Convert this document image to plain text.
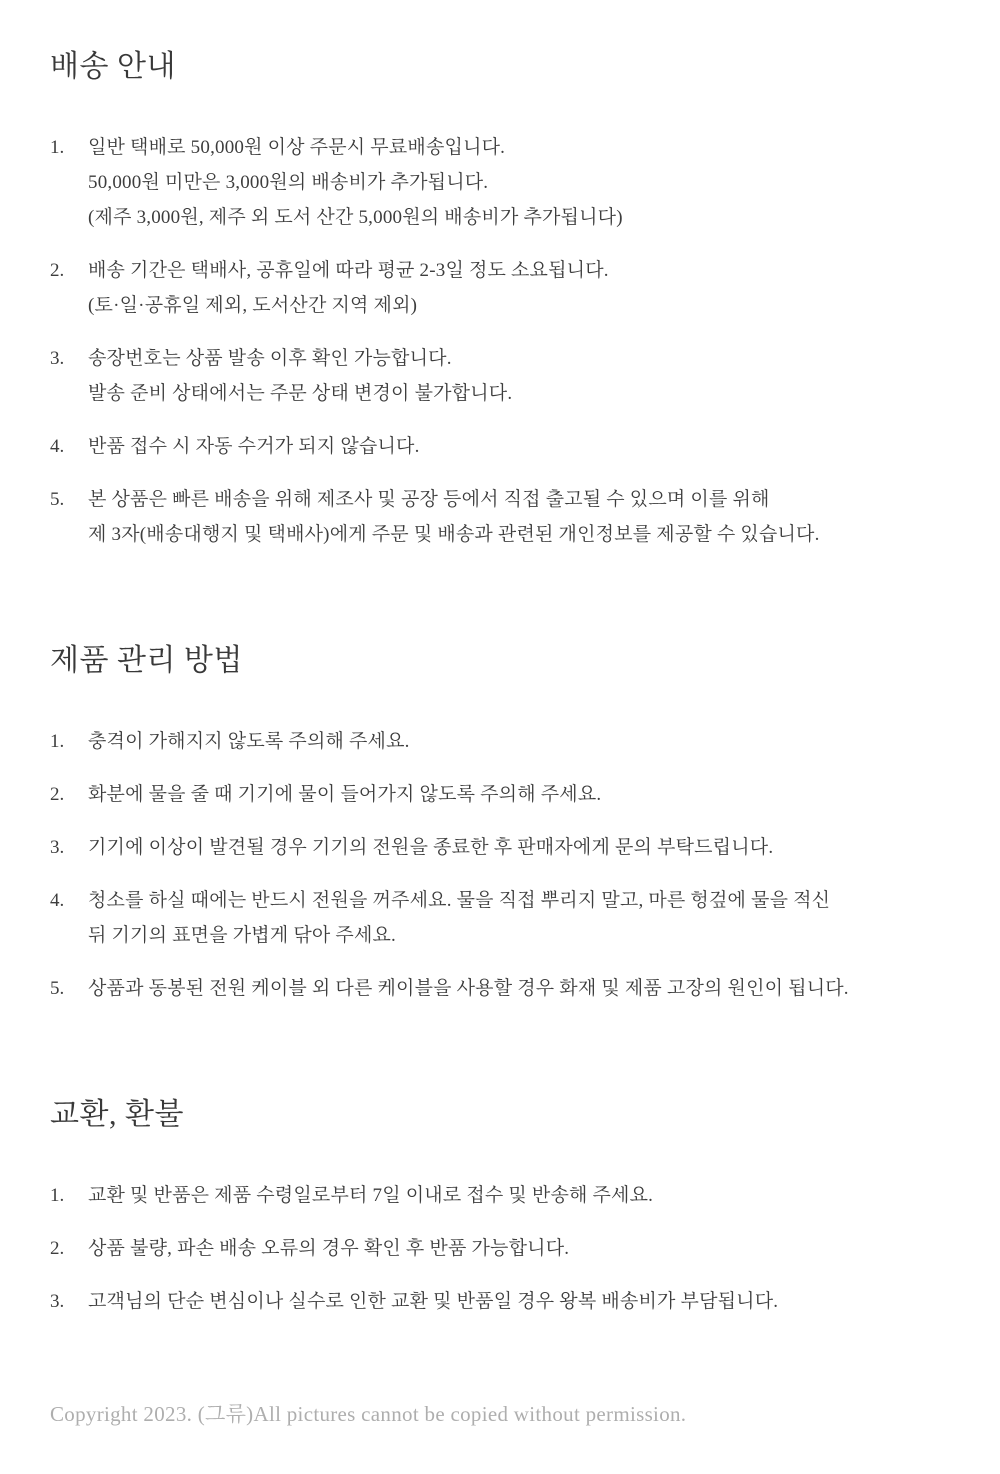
배송 안내
1.	일반 택배로 50,000원 이상 주문시 무료배송입니다.
50,000원 미만은 3,000원의 배송비가 추가됩니다.
(제주 3,000원, 제주 외 도서 산간 5,000원의 배송비가 추가됩니다)
2.	배송 기간은 택배사, 공휴일에 따라 평균 2-3일 정도 소요됩니다.
(토·일·공휴일 제외, 도서산간 지역 제외)
3.	송장번호는 상품 발송 이후 확인 가능합니다.
발송 준비 상태에서는 주문 상태 변경이 불가합니다.
4.	반품 접수 시 자동 수거가 되지 않습니다.
5.	본 상품은 빠른 배송을 위해 제조사 및 공장 등에서 직접 출고될 수 있으며 이를 위해
제 3자(배송대행지 및 택배사)에게 주문 및 배송과 관련된 개인정보를 제공할 수 있습니다.
제품 관리 방법
1.	충격이 가해지지 않도록 주의해 주세요.
2.	화분에 물을 줄 때 기기에 물이 들어가지 않도록 주의해 주세요.
3.	기기에 이상이 발견될 경우 기기의 전원을 종료한 후 판매자에게 문의 부탁드립니다.
4.	청소를 하실 때에는 반드시 전원을 꺼주세요. 물을 직접 뿌리지 말고, 마른 헝겊에 물을 적신
뒤 기기의 표면을 가볍게 닦아 주세요.
5.	상품과 동봉된 전원 케이블 외 다른 케이블을 사용할 경우 화재 및 제품 고장의 원인이 됩니다.
교환, 환불
1.	교환 및 반품은 제품 수령일로부터 7일 이내로 접수 및 반송해 주세요.
2.	상품 불량, 파손 배송 오류의 경우 확인 후 반품 가능합니다.
3.	고객님의 단순 변심이나 실수로 인한 교환 및 반품일 경우 왕복 배송비가 부담됩니다.
Copyright 2023. (그류)All pictures cannot be copied without permission.
